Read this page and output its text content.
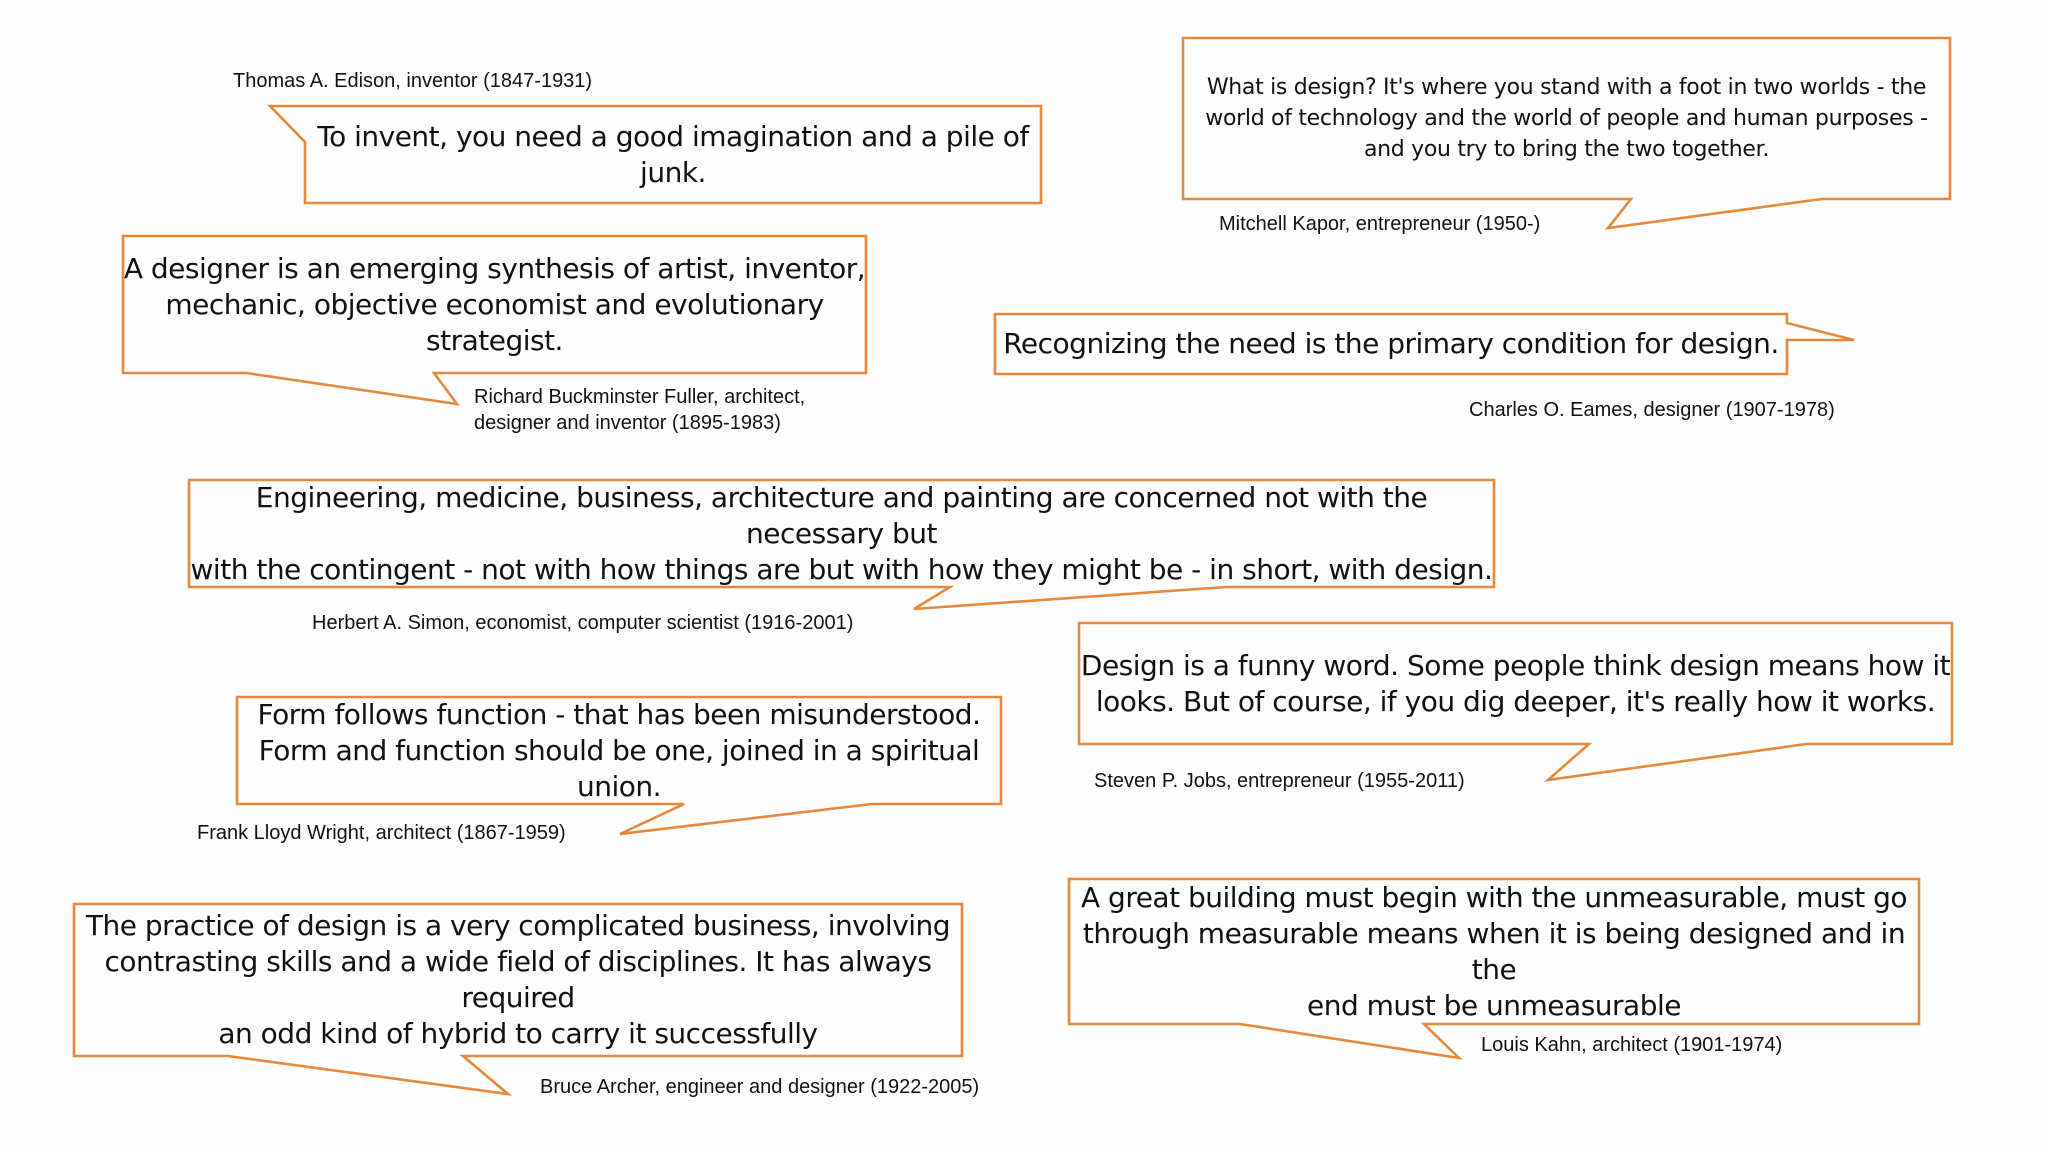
Thomas A. Edison, inventor (1847-1931)

To invent, you need a good imagination and a pile of junk.

What is design? It's where you stand with a foot in two worlds - the
world of technology and the world of people and human purposes -
and you try to bring the two together.

Mitchell Kapor, entrepreneur (1950-)

A designer is an emerging synthesis of artist, inventor,
mechanic, objective economist and evolutionary
strategist.

Richard Buckminster Fuller, architect,
designer and inventor (1895-1983)

Recognizing the need is the primary condition for design.

Charles O. Eames, designer (1907-1978)

Engineering, medicine, business, architecture and painting are concerned not with the necessary but
with the contingent - not with how things are but with how they might be - in short, with design.

Herbert A. Simon, economist, computer scientist (1916-2001)

Design is a funny word. Some people think design means how it
looks. But of course, if you dig deeper, it's really how it works.

Steven P. Jobs, entrepreneur (1955-2011)

Form follows function - that has been misunderstood.
Form and function should be one, joined in a spiritual union.

Frank Lloyd Wright, architect (1867-1959)

The practice of design is a very complicated business, involving
contrasting skills and a wide field of disciplines. It has always required
an odd kind of hybrid to carry it successfully

Bruce Archer, engineer and designer (1922-2005)

A great building must begin with the unmeasurable, must go
through measurable means when it is being designed and in the
end must be unmeasurable

Louis Kahn, architect (1901-1974)
